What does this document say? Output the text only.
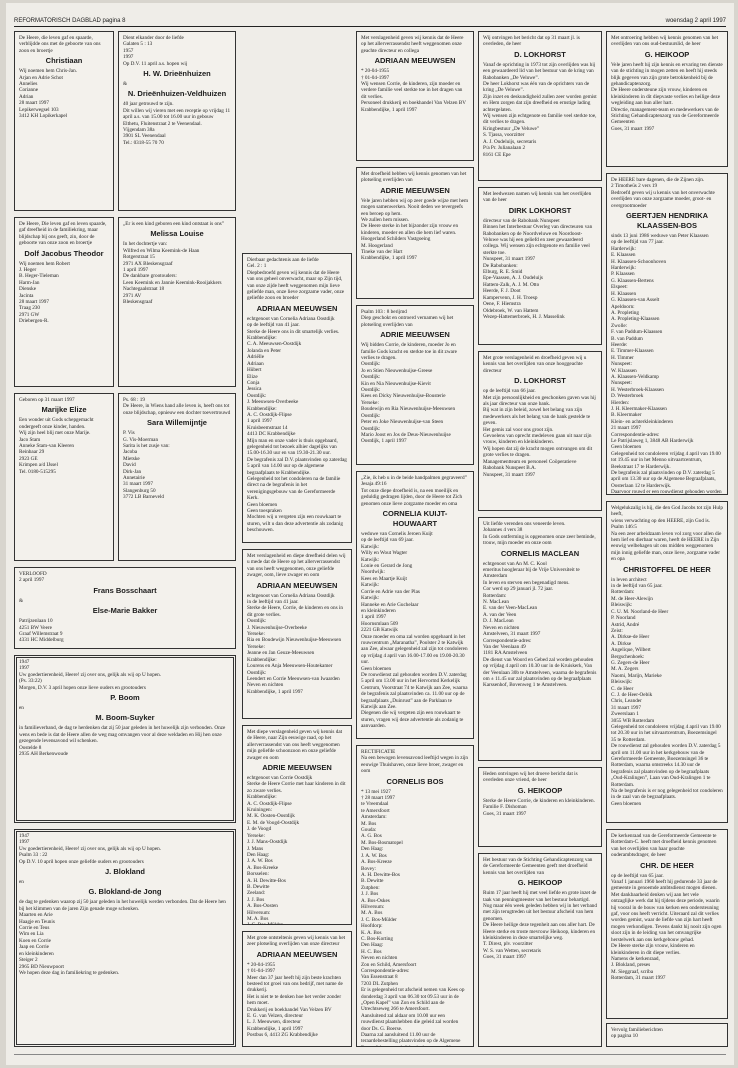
REFORMATORISCH DAGBLAD pagina 8	woensdag 2 april 1997
De Heere, die leven gaf en spaarde, verblijdde ons met de geboorte van ons zoon en broertje
Christiaan
Wij noemen hem Chris-Jan.
Arjan en Adrie Schot
Annelies
Corianne
Adrian
28 maart 1997
Lepikerwegsel 103
3412 KH Lopikerkapel
De Heere, Die leven gaf en leven spaarde, gaf dreefheid in de familiekring, maar blijdschap bij ons geeft, zin, door de geboorte van onze zoon en broertje
Dolf Jacobus Theodor
Wij noemen hem Robert
J. Heger
B. Heger-Tieleman
Harm-Jan
Dienske
Jacinta
28 maart 1997
Traag 230
2971 GW
Driebergen-R.
Geboren op 31 maart 1997
Marijke Elize
Een wonder uit Gods schepgemacht ondergeeft onze kinder, handen.
Wij zijn heel blij met onze Marije.
Jaco Stam
Anneke Stam-van Kleeren
Reinbaar 29
2923 GE
Krimpen a/d IJssel
Tel. 0180-515295
Dient elkander door de liefde
Galaten 5 : 13
1957
1997
Op D.V. 11 april a.s. hopen wij
H. W. Drieënhuizen
&
N. Drieënhuizen-Veldhuizen
40 jaar getrouwd te zijn.
Dit willen wij vieren met een receptie op vrijdag 11 april a.s. van 15.00 tot 16.00 uur in gebouw Elthetu, Fluitenstraat 2 te Veenendaal.
Vijgendam 38a
3901 SL Veenendaal
Tel.: 0318-55 70 70
„Er is een kind geboren een kind ontstaat is ons”
Melissa Louise
In het dochtertje van:
Wilfred en Wilma Keemink-de Haan
Rotgerstraat 15
2971 AX Bleskensgraaf
1 april 1997
De dankbare grootouders:
Leen Keemink en Jannie Keemink-Rooijakkers
Nachtegaalstraat 18
2971 AV
Bleskensgraaf
Ps. 68 : 19
De Heere, in Wiens hand alle leven is, heeft ons tot onze blijdschap, opnieuw een dochter toevertrouwd
Sara Willemijntje
P. Vis
G. Vis-Moerman
Sarita is het zusje van:
Jacoba
Mietske
David
Dirk-Jan
Annetairie
31 maart 1997
Slangenburg 50
3772 LB Barneveld
VERLOOFD
2 april 1997
Frans Bosschaart
&
Else-Marie Bakker
Patrijzenlaan 10
4251 BW Veere
Graaf Willemstraat 9
4331 HC Middelburg
1947
1997
Uw goedertierenheid, Heere! zij over ons, gelijk als wij op U hopen.
(Ps. 33:22)
Morgen, D.V. 3 april hopen onze lieve ouders en grootouders
P. Boom
en
M. Boom-Suyker
in familieverband, de dag te herdenken dat zij 50 jaar geleden in het huwelijk zijn verbonden. Onze wens en bede is dat de Heere allen de weg mag omvangen voor al deze weldaden en Hij hen onze gezegende levensavond wil schenken.
Oostelde 8
2935 AH Berkenwoude
1947
1997
Uw goedertierenheid, Heere! zij over ons, gelijk als wij op U hopen.
Psalm 33 : 22
Op D.V. 10 april hopen onze geliefde ouders en grootouders
J. Blokland
en
G. Blokland-de Jong
de dag te gedenken waarop zij 50 jaar geleden in het huwelijk werden verbonden. Dat de Heere hen bij het klimmen van de jaren Zijn genade moge schenken.
Maarten en Arie
Haagje en Teunis
Corrie en Teus
Wim en Lia
Koen en Corrie
Jaap en Corrie
en kleinkinderen
Steiger 2
2965 BD Nieuwpoort
We hopen deze dag in familiekring te gedenken.
Dierbaar gedachtenis aan de liefde
Gel. 2 : 1
Diepbedroefd geven wij kennis dat de Heere van ons geheel onverwacht, maar op Zijn tijd, van onze zijde heeft weggenomen mijn lieve geliefde man, onze lieve zorgzame vader, onze geliefde zoon en broeder
ADRIAAN MEEUWSEN
echtgenoot van Cornelia Adriana Oostdijk
op de leeftijd van 41 jaar.
Sterke de Heere ons in dit smartelijk verlies.
Krabbendijke:
C. A. Meeuwsen-Oostdijk
Jolanda en Peter
Adriëlle
Adriaan
Hübert
Elize
Conja
Jessica
Oostdijk:
J. Meeuwsen-Overbeeke
Krabbendijke:
A. C. Oostdijk-Flipse
1 april 1997
Kruisbeemstraat 14
4413 DC Krabbendijke
Mijn man en onze vader is thuis opgebaard, gelegenheid tot bezoek alhier dagelijks van 15.00-16.30 uur en van 19.30-21.30 uur.
De begrafenis zal D.V. plaatsvinden op zaterdag 5 april van 14.00 uur op de algemene begraafplaats te Krabbendijke.
Gelegenheid tot het condoleren na de familie direct na de begrafenis in het verenigingsgebouw van de Gereformeerde Kerk.
Geen bloemen
Geen toespraken
Mochten wij u vergeten zijn een rouwkaart te sturen, wilt u dan deze advertentie als zodanig beschouwen.
Met verslagenheid en diepe dreefheid delen wij u mede dat de Heere op het allerverrassendst van ons heeft weggenomen, onze geliefde zwager, oom, lieve zwager en oom
ADRIAAN MEEUWSEN
echtgenoot van Cornelia Adriana Oostdijk
in de leeftijd van 41 jaar.
Sterke de Heere, Corrie, de kinderen en ons in dit grote verlies.
Oostdijk:
J. Nieuwenhuijse-Overbeeke
Yerseke:
Ria en Boudewijn Nieuwenhuijse-Meeuwsen
Yerseke:
Jeanne en Jan Geuze-Meeuwsen
Krabbendijke:
Lourens en Anja Meeuwsen-Houtekamer
Oostdijk:
Leendert en Corrie Meeuwsen-van Iwaarden
Neven en nichten
Krabbendijke, 1 april 1997
Met diepe verslagenheid geven wij kennis dat de Heere, naar Zijn eeuwige raad, op het allerverrassendst van ons heeft weggenomen mijn geliefde schoonzoon en onze geliefde zwager en oom
ADRIE MEEUWSEN
echtgenoot van Corrie Oostdijk
Sterke de Heere Corrie met haar kinderen in dit zo zware verlies.
Krabbendijke:
A. C. Oostdijk-Flipse
Kruiningen:
M. K. Oosten-Oostdijk
E. M. de Voogd-Oostdijk
J. de Voogd
Yerseke:
J. J. Mans-Oostdijk
J. Mans
Den Haag:
J. A. W. Bos
A. Bos-Kreeke
Borsselen:
A. H. Dewitte-Bos
B. Dewitte
Zeeland:
J. J. Bos
A. Bos-Oosten
Hilversum:
M. A. Bos
Met grote ontsteltenis geven wij kennis van het zeer plotseling overlijden van onze directeur
ADRIAAN MEEUWSEN
* 20-04-1955
† 01-04-1997
Meer dan 37 jaar heeft hij zijn beste krachten besteed tot groei van ons bedrijf, met name de drukkerij.
Het is niet te te denken hoe het verder zonder hem moet.
Drukkerij en boekhandel Van Velzen BV
E. G. van Velzen, directeur
L. J. Meeuwsen, directeur
Krabbendijke, 1 april 1997
Postbus 6, 4413 ZG Krabbendijke
Met verslagenheid geven wij kennis dat de Heere op het allerverrassendst heeft weggenomen onze geachte directeur en collega
ADRIAAN MEEUWSEN
* 20-04-1955
† 01-04-1997
Wij wensen Corrie, de kinderen, zijn moeder en verdere familie veel sterkte toe in het dragen van dit verlies.
Personeel drukkerij en boekhandel Van Velzen BV
Krabbendijke, 1 april 1997
Met droefheid hebben wij kennis genomen van het plotseling overlijden van
ADRIE MEEUWSEN
Vele jaren hebben wij op zeer goede wijze met hem mogen samenwerken. Nooit deden we tevergeefs een beroep op hem.
We zullen hem missen.
De Heere sterke in het bijzonder zijn vrouw en kinderen, moeder en allen die hem lief waren.
Hoogerland Schilders Vastgoeing
M. Hoogerland
Tineke van der Hart
Krabbendijke, 1 april 1997
Psalm 103 : 8 berijmd
Diep geschokt en ontroerd vernamen wij het plotseling overlijden van
ADRIE MEEUWSEN
Wij bidden Corrie, de kinderen, moeder Jo en familie Gods kracht en sterkte toe in dit zware verlies te dragen.
Oostdijk:
Jo en Stien Nieuwenhuijse-Greese
Oostdijk:
Kin en Nia Nieuwenhuijse-Kievit
Oostdijk:
Kees en Dicky Nieuwenhuijse-Bousterie
Yerseke:
Boudewijn en Ria Nieuwenhuijse-Meeuwsen
Oostdijk:
Peter en Joke Nieuwenhuijse-van Steen
Oostdijk:
Mario Joost en Jos de Deus-Nieuwenhuijse
Oostdijk, 1 april 1997
„Zie, ik heb u in de beide handpalmen gegraveerd”
Jesaja 49:16
Tot onze diepe droefheid is, na een moeilijk en geduldig gedragen lijden, door de Heere tot Zich genomen onze lieve zorgzame moeder en oma
CORNELIA KUIJT-HOUWAART
weduwe van Cornelis Jeroen Kuijt
op de leeftijd van 69 jaar.
Katwijk:
Willy en Wout Wagter
Katwijk:
Lonie en Gerard de Jong
Noordwijk:
Kees en Maartje Kuijt
Katwijk:
Corrie en Adrie van der Plas
Katwijk:
Hanneke en Arie Guchelaar
en kleinkinderen
1 april 1997
Hoornsmlaan 509
2221 GB Katwijk
Onze moeder en oma zal worden opgebaard in het rouwcentrum „Maranatha”, Poolster 2 te Katwijk aan Zee, alwaar gelegenheid zal zijn tot condoleren op vrijdag 4 april van 16.00-17.00 en 19.00-20.30 uur.
Geen bloemen
De rouwdienst zal gehouden worden D.V. zaterdag 5 april om 13.00 uur in het Hervormd Kerkelijk Centrum, Voorstraat 74 te Katwijk aan Zee, waarna de begrafenis zal plaatsvinden ca. 11.00 uur op de begraafplaats „Duinrust” aan de Parklaan te Katwijk aan Zee.
Diegenen die wij vergeten zijn een rouwkaart te sturen, vragen wij deze advertentie als zodanig te aanvaarden.
RECTIFICATIE
Na een bewogen levensavond leeftijd wegen in zijn eeuwige Thuishaven, onze lieve broer, zwager en oom
CORNELIS BOS
* 13 mei 1927
† 28 maart 1997
te Vreemdaal
te Amersfoort
Amsterdam:
M. Bos
Gouda:
A. G. Bos
M. Bos-Bosmatopel
Den Haag:
J. A. W. Bos
A. Bos-Kreeze
Bovey:
A. H. Dewitte-Bos
B. Dewitte
Zutphen:
J. J. Bos
A. Bos-Oskes
Hilversum:
M. A. Bos
J. C. Bos-Mülder
Hoofdorp:
K. A. Bos
C. Bos-Korting
Den Haag:
H. C. Bos
Neven en nichten
Zon en Schild, Amersfoort
Correspondentie-adres:
Van Essenstraat 8
7203 DL Zutphen
Er is gelegenheid tot afscheid nemen van Kees op donderdag 3 april van 06.30 tot 09.53 uur in de „Open Kapel” van Zon en Schild aan de Utrechtseweg 266 te Amersfoort.
Aansluitend zal aldaar om 10.00 uur een rouwdienst plaatshebben die geleid zal worden door Ds. G. Boerse.
Daarna zal aansluitend 11.00 uur de teraardebestelling plaatsvinden op de Algemene
Wij ontvingen het bericht dat op 31 maart jl. is overleden, de heer
D. LOKHORST
Vanaf de oprichting in 1973 tot zijn overlijden was hij een gewaardeerd lid van het bestuur van de kring van Rabobanken „De Veluwe”.
De heer Lokhorst was één van de oprichters van de kring „De Veluwe”.
Zijn inzet en deskundigheid zullen zeer worden gemist en Hem zorgen dat zijn dreefheid en ernstige lading achtergelaten.
Wij wensen zijn echtgenote en familie veel sterkte toe, dit verlies te dragen.
Kringbestuur „De Veluwe”
S. Tjassa, voorzitter
A. J. Oudeluijs, secretaris
P/a Pr. Julianalaan 2
8161 CE Epe
Met leedwezen namen wij kennis van het overlijden van de heer
DIRK LOKHORST
directeur van de Rabobank Nunspeet
Binnen het Interbestuur Overleg van directeuren van Rabobanken op de Noordveluwe en Noordoost-Veluwe was hij een geliefd en zeer gewaardeerd collega. Wij wensen zijn echtgenote en familie veel sterkte toe.
Nunspeet, 31 maart 1997
De Rabobanken:
Elburg, R. E. Smid
Epe-Vaassen, A. J. Oudeluijs
Hattem-Zalk, A. J. M. Otto
Heerde, F. J. Doot
Kampervenn, J. H. Troesp
Oene, F. Hiemstra
Oldebroek, W. van Hattem
Wezep-Hattemerbroek, H. J. Masselink
Met grote verslagenheid en droefheid geven wij u kennis van het overlijden van onze hooggeachte directeur
D. LOKHORST
op de leeftijd van 66 jaar.
Met zijn persoonlijkheid en geschonken gaven was hij als jaar directeur van onze bank.
Bij wat in zijn beleid, zowel het belang van zijn medewerkers als het belang van de bank gestelde te geven.
Het gemis zal voor ons groot zijn.
Gevoelens van oprecht medeleven gaan uit naar zijn vrouw, kinderen en kleinkinderen.
Wij hopen dat zij de kracht mogen ontvangen om dit grote verlies te dragen.
Managementteam en personeel Coöperatieve Rabobank Nunspeet B.A.
Nunspeet, 31 maart 1997
Uit liefde verenden ons veneerde leven.
Johannes 4 vers 38
In Gods ontferming is opgenomen onze zeer beminde, trouw, mijn moeder en onze oom
CORNELIS MACLEAN
echtgenoot van An M. C. Kool
emeritus hoogleraar bij de Vrije Universiteit te Amsterdam
In leven en sterven een begenadigd mens.
Cor werd op 29 januari jl. 72 jaar.
Rotterdam:
N. MacLean
E. van der Veen-MacLean
A. van der Veen
D. J. MacLean
Neven en nichten
Amstelveen, 31 maart 1997
Correspondentie-adres:
Van der Veenlaan 49
1181 RA Amstelveen
De dienst van Woord en Gebed zal worden gehouden op vrijdag 4 april om 10.30 uur in de Kruiskerk, Van der Veenlaan 30b te Amstelveen, waarna de begrafenis om ± 11.45 uur zal plaatsvinden op de begraafplaats Karssenhof, Bovenweg 1 te Amstelveen.
Heden ontvingen wij het droeve bericht dat is overleden onze vriend, de heer
G. HEIKOOP
Sterke de Heere Corrie, de kinderen en kleinkinderen.
Familie F. Dishoman
Goes, 31 maart 1997
Het bestuur van de Stichting Gehandicaptenzorg van de Gereformeerde Gemeenten geeft met droefheid kennis van het overlijden van
G. HEIKOOP
Ruim 17 jaar heeft hij met veel liefde en grote inzet de taak van penningmeester van het bestuur behartigd. Nog maar één week geleden hebben wij in het verband met zijn terugtreden uit het bestuur afscheid van hem genomen.
De Heere heilige deze tegenheit aan ons aller hart. De Heere sterke en troste mevrouw Heikoop, kinderen en kleinkinderen in deze smartelijke weg.
T. Direst, plv. voorzitter
W. S. van Wetten, secretaris
Goes, 31 maart 1997
Met ontroering hebben wij kennis genomen van het overlijden van ons oud-bestuurslid, de heer
G. HEIKOOP
Vele jaren heeft hij zijn kennis en ervaring ten dienste van de stichting in mogen zetten en heeft hij steeds blijk gegeven van zijn grote betrokkenheid bij de gehandicaptenzorg.
De Heere ondersteune zijn vrouw, kinderen en kleinkinderen in dit diepvaste verlies en heilige deze wegleiding aan hun aller hart.
Directie, management-team en medewerkers van de Stichting Gehandicaptenzorg van de Gereformeerde Gemeenten
Goes, 31 maart 1997
De HEERE bare dagenen, die de Zijnen zijn.
2 Timotheüs 2 vers 19
Bedroefd geven wij u kennis van het onverwachte overlijden van onze zorgzame moeder, groot- en overgrootmoeder
GEERTJEN HENDRIKA KLAASSEN-BOS
sinds 13 juni 1986 weduwe van Peter Klaassen
op de leeftijd van 77 jaar.
Harderwijk:
E. Klaassen
H. Klaassen-Schoonhoven
Harderwijk:
P. Klaassen
G. Klaassen-Bertens
Elspeet:
H. Klaassen
G. Klaassen-van Asselt
Apeldoorn:
A. Propleting
A. Propleting-Klaassen
Zwolle:
F. van Paddum-Klaassen
B. van Paddum
Heerde:
E. Timmer-Klaassen
H. Timmer
Nunspeet:
W. Klaassen
A. Klaassen-Veldkamp
Nunspeet:
H. Westerbroek-Klaassen
D. Westerbroek
Hierden:
J. H. Kleermaker-Klaassen
B. Kleermaker
Klein- en achterkleinkinderen
21 maart 1997
Correspondentie-adres:
Le Patrijslaweg 1, 3848 AB Harderwijk
Geen bloemen
Gelegenheid tot condoleren vrijdag 4 april van 19.00 tot 19.45 uur in het Menno uitvaartcentrum, Beekstraat 17 te Harderwijk.
De begrafenis zal plaatsvinden op D.V. zaterdag 5 april om 13.30 uur op de Algemene Begraafplaats, Oosterlaan 12 te Harderwijk.
Daarvoor rouwd er een rouwdienst gehouden worden
Welgelukzalig is hij, die den God Jacobs tot zijn Hulp heeft,
wiens verwachting op den HEERE, zijn God is.
Psalm 146:5
Na een zeer arbeidzaam leven vol zorg voor allen die hem lief en dierbaar waren, heeft de HEERE in Zijn eeuwig welbehagen uit ons midden weggenomen mijn innig geliefde man, onze lieve, zorgzame vader en opa
CHRISTOFFEL DE HEER
in leven architect
in de leeftijd van 65 jaar.
Rotterdam:
M. de Heer-Alewijn
Bleiswijk:
C. U. M. Noorland-de Heer
P. Noorland
Astrid, André
Zeist:
A. Dirkse-de Heer
A. Dirkse
Angelique, Wilbert
Bergschenhoek:
G. Zegers-de Heer
M. A. Zegers
Naomi, Marijn, Marieke
Bleiswijk:
C. de Heer
C. J. de Heer-Oebik
Chris, Leander
31 maart 1997
Zweerslaan 1
3055 WB Rotterdam
Gelegenheid tot condoleren vrijdag 4 april van 19.00 tot 20.30 uur in het uitvaartcentrum, Boezemsingel 35 te Rotterdam.
De rouwdienst zal gehouden worden D.V. zaterdag 5 april om 11.00 uur in het kerkgebouw van de Gereformeerde Gemeente, Boezemsingel 36 te Rotterdam, waarna omstreeks 14.30 uur de begrafenis zal plaatsvinden op de begraafplaats „Oud-Kralingen”, Laan van Oud-Kralingen 1 te Rotterdam.
Na de begrafenis is er nog gelegenheid tot condoleren in de zaal van de begraafplaats.
Geen bloemen
De kerkenraad van de Gereformeerde Gemeente te Rotterdam-C. heeft met droefheid kennis genomen van het overlijden van haar geachte ouderambtsdrager, de heer
CHR. DE HEER
op de leeftijd van 65 jaar.
Vanaf 1 januari 1960 heeft hij gedurende 33 jaar de gemeente in genoemde ambtsdienst mogen dienen. Met dankbaarheid denken wij aan het vele ontzaglijke werk dat hij tijdens deze periode, waarin hij vooral in de bouw van kerken een ondersteuning gaf, voor ons heeft verricht. Uiteraard zal dit verlies worden gemist, waar de liefde van zijn hart heeft mogen verkondigen. Tevens dankt hij nooit zijn ogen sloot zijn in de leiding van het omvangrijke herstelwerk aan ons kerkgebouw gehad.
De Heere sterke zijn vrouw, kinderen en kleinkinderen in dit diepe verlies.
Namens de kerkenraad,
J. Blokland, preses
M. Sieggraaf, scriba
Rotterdam, 31 maart 1997
Vervolg familieberichten
op pagina 10
